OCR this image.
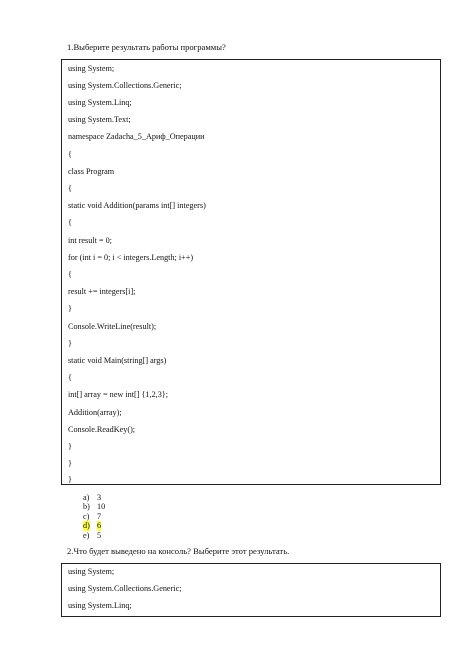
1.Выберите результать работы программы?
using System;
using System.Collections.Generic;
using System.Linq;
using System.Text;
namespace Zadacha_5_Ариф_Операции
{
class Program
{
static void Addition(params int[] integers)
{
int result = 0;
for (int i = 0; i < integers.Length; i++)
{
result += integers[i];
}
Console.WriteLine(result);
}
static void Main(string[] args)
{
int[] array = new int[] {1,2,3};
Addition(array);
Console.ReadKey();
}
}
}
a) 3
b) 10
c) 7
d) 6
e) 5
2.Что будет выведено на консоль? Выберите этот результать.
using System;
using System.Collections.Generic;
using System.Linq;
